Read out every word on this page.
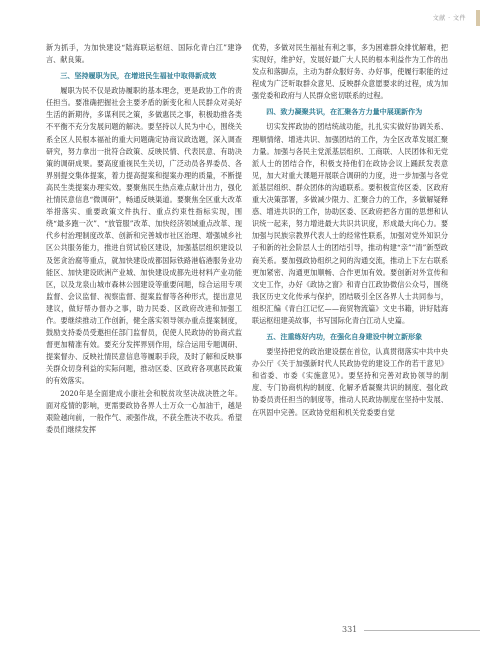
文献 · 文件

新为抓手，为加快建设“陆海联运枢纽、国际化青白江”建诤言、献良策。

三、坚持履职为民，在增进民生福祉中取得新成效

履职为民不仅是政协履职的基本理念，更是政协工作的责任担当。要准确把握社会主要矛盾的新变化和人民群众对美好生活的新期待，多谋利民之策，多做惠民之事，积极助推各类不平衡不充分发展问题的解决。要坚持以人民为中心，围绕关系全区人民根本福祉的重大问题确定协商议政选题，深入调查研究，努力拿出一批符合政策、反映民情、代表民意、有助决策的调研成果。要高度重视民生关切，广泛动员各界委员、各界别提交集体提案，着力提高提案和提案办理的质量，不断提高民生类提案办理实效。要聚焦民生热点难点献计出力，强化社情民意信息“微调研”，畅通反映渠道。要聚焦全区重大改革举措落实、重要政策文件执行、重点约束性指标实现，围绕“最多跑一次”、“放管服”改革、加快经济领域重点改革、现代乡村治理制度改革、创新和完善城市社区治理、增强城乡社区公共服务能力，推进自贸试验区建设，加强基层组织建设以及惩贪治腐等重点，就加快建设成都国际铁路港临港服务业功能区、加快建设欧洲产业城、加快建设成都先进材料产业功能区，以及龙泉山城市森林公园建设等重要问题，综合运用专项监督、会议监督、视察监督、提案监督等各种形式，提出意见建议，做好帮办督办之事，助力民委、区政府改进和加强工作。要继续推动工作创新，健全落实领导领办重点提案制度，鼓励支持委员受邀担任部门监督员，促使人民政协的协商式监督更加精准有效。要充分发挥界别作用，综合运用专题调研、提案督办、反映社情民意信息等履职手段，及时了解和反映事关群众切身利益的实际问题，推动区委、区政府各项惠民政策的有效落实。

2020年是全面建成小康社会和脱贫攻坚决战决胜之年。面对疫情的影响，更需要政协各界人士万众一心加油干，越是艰险越向前，一般作气、顽强作战，不获全胜决不收兵。希望委员们继续发挥

优势，多做对民生福祉有利之事，多为困难群众排忧解难，把实现好，维护好，发展好最广大人民的根本利益作为工作的出发点和落脚点，主动为群众服好务、办好事，使履行职能的过程成为广泛听取群众意见、反映群众意愿要求的过程，成为加强党委和政府与人民群众密切联系的过程。

四、致力凝聚共识，在汇聚各方力量中展现新作为

切实发挥政协的团结统战功能，扎扎实实做好协调关系、理顺情绪、增进共识、加强团结的工作，为全区改革发展汇聚力量。加强与各民主党派基层组织、工商联、人民团体和无党派人士的团结合作，积极支持他们在政协会议上踊跃发表意见，加大对重大课题开展联合调研的力度，进一步加强与各党派基层组织、群众团体的沟通联系。要积极宣传区委、区政府重大决策部署，多做减少限力、汇聚合力的工作，多做解疑释惑、增进共识的工作，协助区委、区政府把各方面的思想和认识统一起来，努力增进最大共识共识度，形成最大向心力。要加强与民族宗教界代表人士的经常性联系，加强对党外知识分子和新的社会阶层人士的团结引导，推动构建“亲”“清”新型政商关系。要加强政协组织之间的沟通交流，推动上下左右联系更加紧密、沟通更加顺畅、合作更加有效。要创新对外宣传和文史工作，办好《政协之窗》和青白江政协微信公众号，围绕我区历史文化传承与保护，团结吸引全区各界人士共同参与，组织汇编《青白江记忆——商贸物流篇》文史书籍，讲好陆海联运枢纽建美故事，书写国际化青白江动人史篇。

五、注重练好内功，在强化自身建设中树立新形象

要坚持把党的政治建设摆在首位，认真贯彻落实中共中央办公厅《关于加强新时代人民政协党的建设工作的若干意见》和省委、市委《实施意见》。要坚持和完善对政协领导的制度、专门协商机构的制度、化解矛盾凝聚共识的制度、强化政协委员责任担当的制度等，推动人民政协制度在坚持中发展、在巩固中完善。区政协党组和机关党委要自觉

331
